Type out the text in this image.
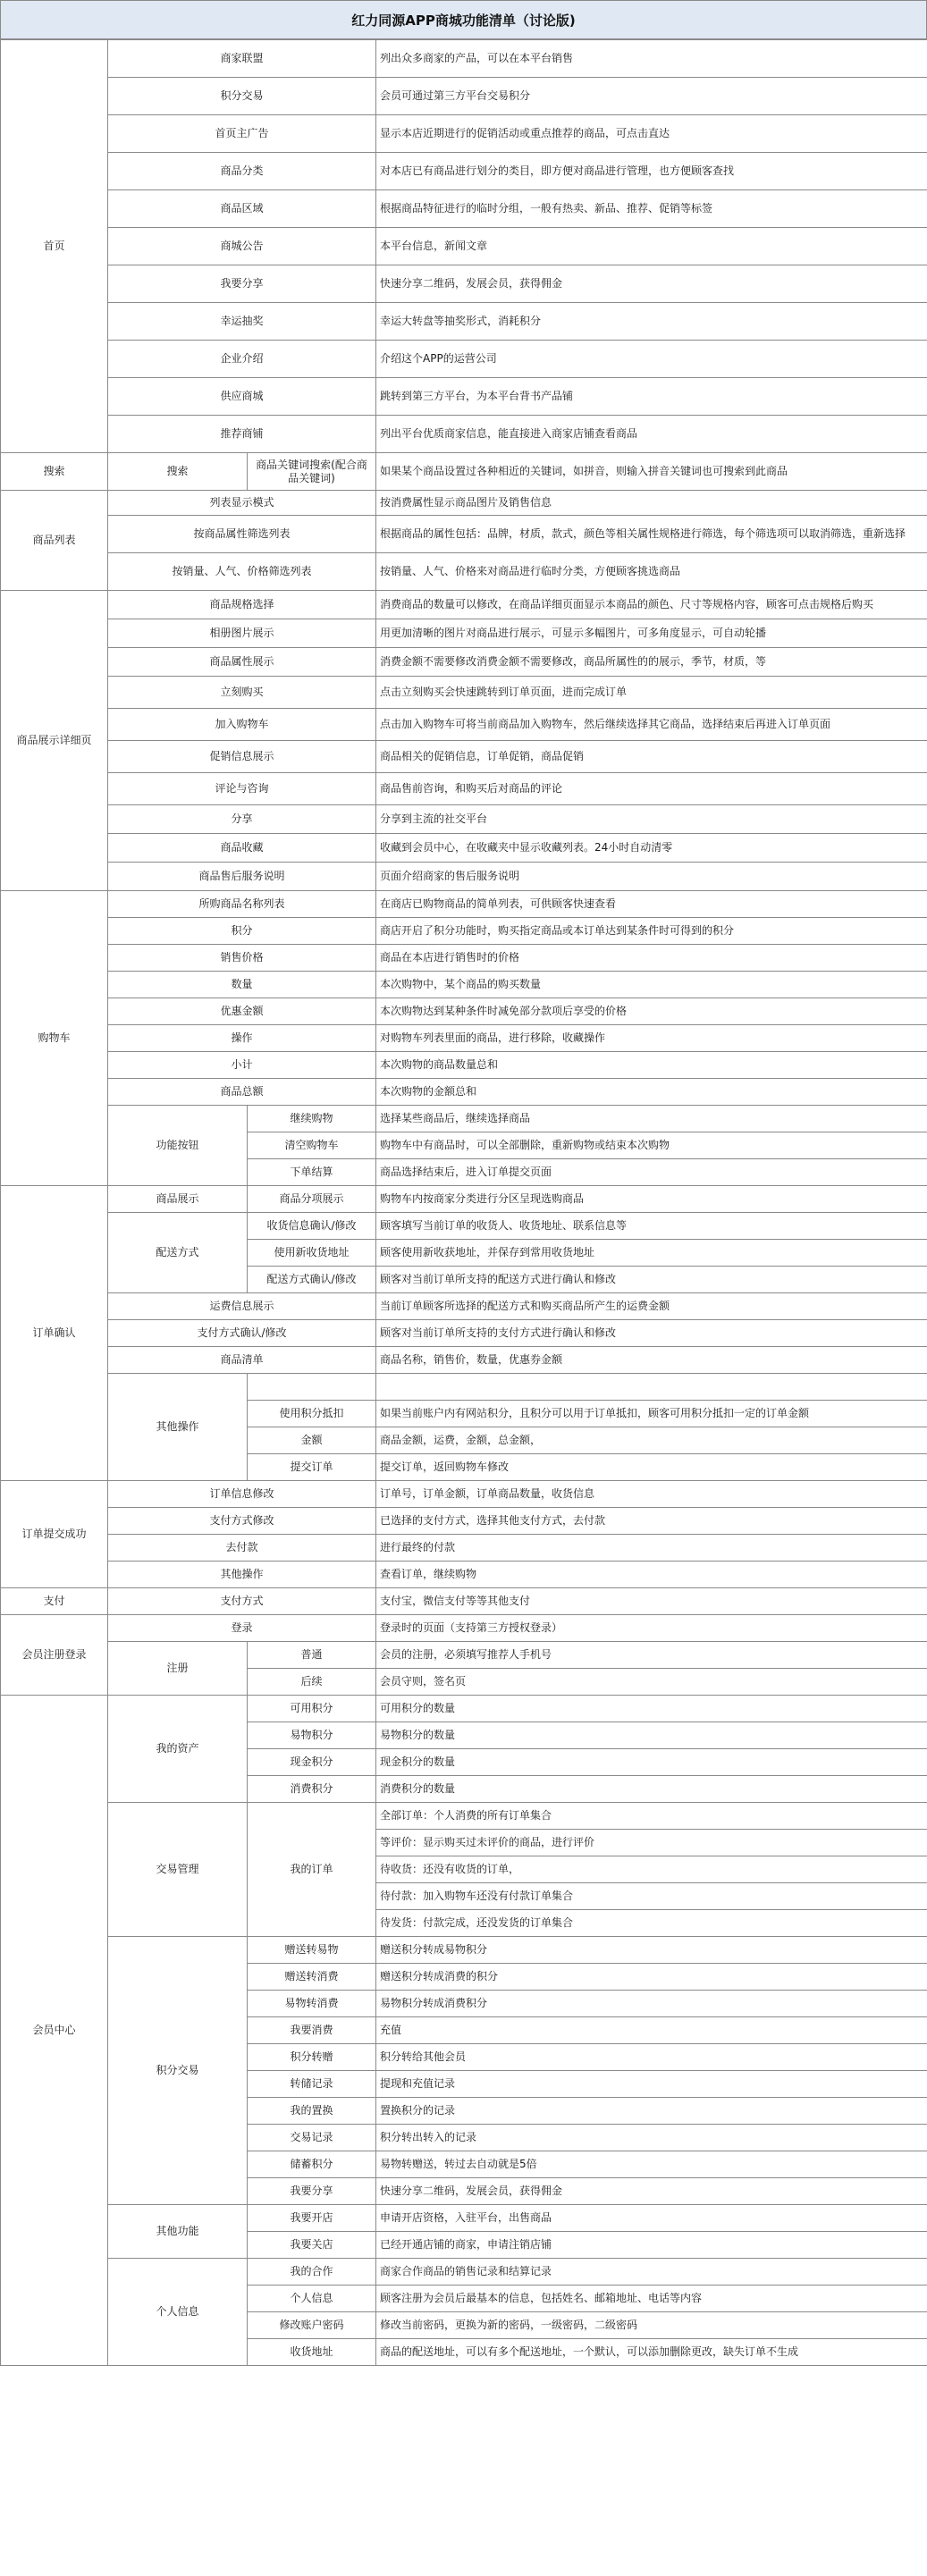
红力同源APP商城功能清单（讨论版)
首页	商家联盟		列出众多商家的产品，可以在本平台销售
	积分交易		会员可通过第三方平台交易积分
	首页主广告		显示本店近期进行的促销活动或重点推荐的商品，可点击直达
	商品分类		对本店已有商品进行划分的类目，即方便对商品进行管理，也方便顾客查找
	商品区域		根据商品特征进行的临时分组，一般有热卖、新品、推荐、促销等标签
	商城公告		本平台信息，新闻文章
	我要分享		快速分享二维码，发展会员，获得佣金
	幸运抽奖		幸运大转盘等抽奖形式，消耗积分
	企业介绍		介绍这个APP的运营公司
	供应商城		跳转到第三方平台，为本平台背书产品铺
	推荐商铺		列出平台优质商家信息，能直接进入商家店铺查看商品
搜索	搜索	商品关键词搜索(配合商品关键词)	如果某个商品设置过各种相近的关键词，如拼音，则输入拼音关键词也可搜索到此商品
商品列表	列表显示模式		按消费属性显示商品图片及销售信息
	按商品属性筛选列表		根据商品的属性包括：品牌，材质，款式，颜色等相关属性规格进行筛选，每个筛选项可以取消筛选，重新选择
	按销量、人气、价格筛选列表		按销量、人气、价格来对商品进行临时分类，方便顾客挑选商品
商品展示详细页	商品规格选择		消费商品的数量可以修改，在商品详细页面显示本商品的颜色、尺寸等规格内容，顾客可点击规格后购买
	相册图片展示		用更加清晰的图片对商品进行展示，可显示多幅图片，可多角度显示，可自动轮播
	商品属性展示		消费金额不需要修改消费金额不需要修改，商品所属性的的展示，季节，材质，等
	立刻购买		点击立刻购买会快速跳转到订单页面，进而完成订单
	加入购物车		点击加入购物车可将当前商品加入购物车，然后继续选择其它商品，选择结束后再进入订单页面
	促销信息展示		商品相关的促销信息，订单促销，商品促销
	评论与咨询		商品售前咨询，和购买后对商品的评论
	分享		分享到主流的社交平台
	商品收藏		收藏到会员中心，在收藏夹中显示收藏列表。24小时自动清零
	商品售后服务说明		页面介绍商家的售后服务说明
购物车	所购商品名称列表		在商店已购物商品的简单列表，可供顾客快速查看
	积分		商店开启了积分功能时，购买指定商品或本订单达到某条件时可得到的积分
	销售价格		商品在本店进行销售时的价格
	数量		本次购物中，某个商品的购买数量
	优惠金额		本次购物达到某种条件时减免部分款项后享受的价格
	操作		对购物车列表里面的商品，进行移除，收藏操作
	小计		本次购物的商品数量总和
	商品总额		本次购物的金额总和
	功能按钮	继续购物	选择某些商品后，继续选择商品
		清空购物车	购物车中有商品时，可以全部删除，重新购物或结束本次购物
		下单结算	商品选择结束后，进入订单提交页面
订单确认	商品展示	商品分项展示	购物车内按商家分类进行分区呈现选购商品
	配送方式	收货信息确认/修改	顾客填写当前订单的收货人、收货地址、联系信息等
		使用新收货地址	顾客使用新收获地址，并保存到常用收货地址
		配送方式确认/修改	顾客对当前订单所支持的配送方式进行确认和修改
	运费信息展示		当前订单顾客所选择的配送方式和购买商品所产生的运费金额
	支付方式确认/修改		顾客对当前订单所支持的支付方式进行确认和修改
	商品清单		商品名称，销售价，数量，优惠券金额
	其他操作		
		使用积分抵扣	如果当前账户内有网站积分，且积分可以用于订单抵扣，顾客可用积分抵扣一定的订单金额
		金额	商品金额，运费，金额，总金额，
		提交订单	提交订单，返回购物车修改
订单提交成功	订单信息修改		订单号，订单金额，订单商品数量，收货信息
	支付方式修改		已选择的支付方式，选择其他支付方式，去付款
	去付款		进行最终的付款
	其他操作		查看订单，继续购物
支付	支付方式		支付宝，微信支付等等其他支付
会员注册登录	登录		登录时的页面（支持第三方授权登录）
	注册	普通	会员的注册，必须填写推荐人手机号
		后续	会员守则，签名页
会员中心	我的资产	可用积分	可用积分的数量
		易物积分	易物积分的数量
		现金积分	现金积分的数量
		消费积分	消费积分的数量
	交易管理	我的订单	全部订单：个人消费的所有订单集合
			等评价：显示购买过未评价的商品，进行评价
			待收货：还没有收货的订单，
			待付款：加入购物车还没有付款订单集合
			待发货：付款完成，还没发货的订单集合
	积分交易	赠送转易物	赠送积分转成易物积分
		赠送转消费	赠送积分转成消费的积分
		易物转消费	易物积分转成消费积分
		我要消费	充值
		积分转赠	积分转给其他会员
		转储记录	提现和充值记录
		我的置换	置换积分的记录
		交易记录	积分转出转入的记录
		储蓄积分	易物转赠送，转过去自动就是5倍
		我要分享	快速分享二维码，发展会员，获得佣金
	其他功能	我要开店	申请开店资格，入驻平台，出售商品
		我要关店	已经开通店铺的商家，申请注销店铺
	个人信息	我的合作	商家合作商品的销售记录和结算记录
		个人信息	顾客注册为会员后最基本的信息，包括姓名、邮箱地址、电话等内容
		修改账户密码	修改当前密码，更换为新的密码，一级密码，二级密码
		收货地址	商品的配送地址，可以有多个配送地址，一个默认，可以添加删除更改，缺失订单不生成
